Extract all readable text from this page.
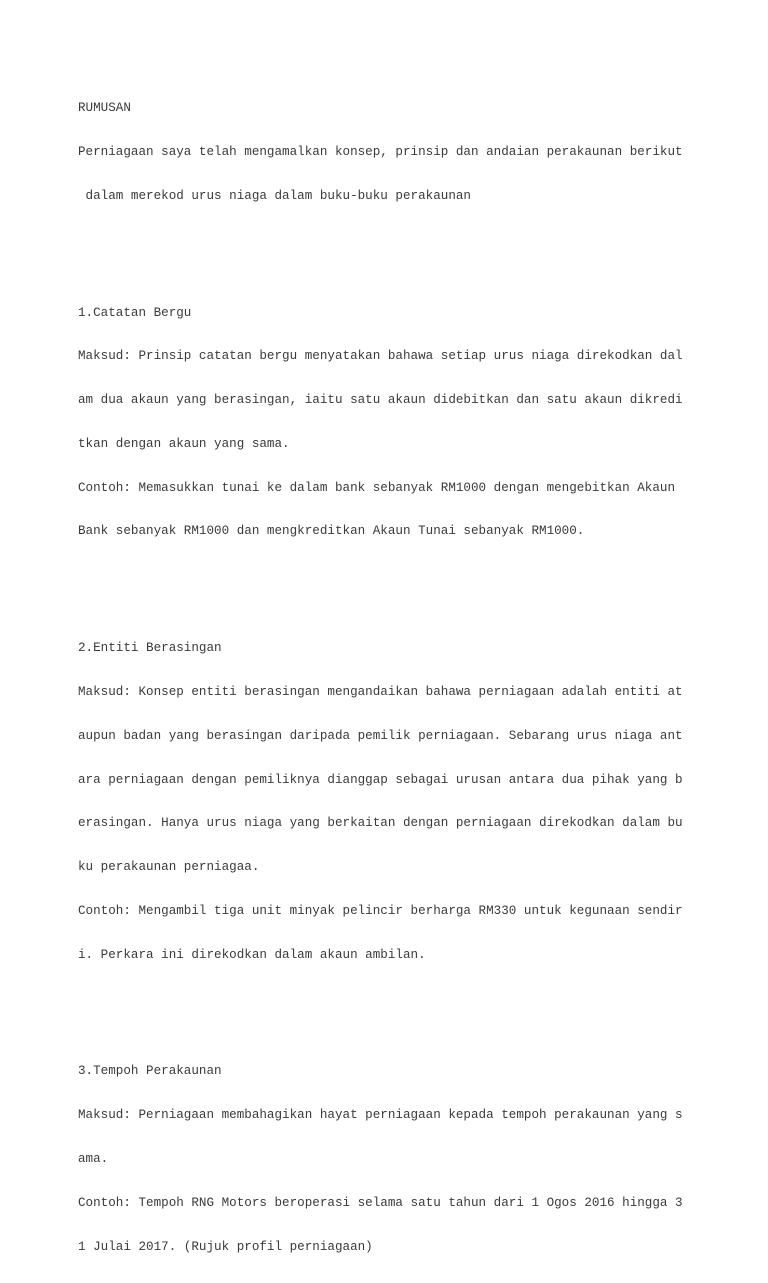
RUMUSAN

Perniagaan saya telah mengamalkan konsep, prinsip dan andaian perakaunan berikut

dalam merekod urus niaga dalam buku-buku perakaunan

1.Catatan Bergu

Maksud: Prinsip catatan bergu menyatakan bahawa setiap urus niaga direkodkan dal

am dua akaun yang berasingan, iaitu satu akaun didebitkan dan satu akaun dikredi

tkan dengan akaun yang sama.

Contoh: Memasukkan tunai ke dalam bank sebanyak RM1000 dengan mengebitkan Akaun

Bank sebanyak RM1000 dan mengkreditkan Akaun Tunai sebanyak RM1000.

2.Entiti Berasingan

Maksud: Konsep entiti berasingan mengandaikan bahawa perniagaan adalah entiti at

aupun badan yang berasingan daripada pemilik perniagaan. Sebarang urus niaga ant

ara perniagaan dengan pemiliknya dianggap sebagai urusan antara dua pihak yang b

erasingan. Hanya urus niaga yang berkaitan dengan perniagaan direkodkan dalam bu

ku perakaunan perniagaa.

Contoh: Mengambil tiga unit minyak pelincir berharga RM330 untuk kegunaan sendir

i. Perkara ini direkodkan dalam akaun ambilan.

3.Tempoh Perakaunan

Maksud: Perniagaan membahagikan hayat perniagaan kepada tempoh perakaunan yang s

ama.

Contoh: Tempoh RNG Motors beroperasi selama satu tahun dari 1 Ogos 2016 hingga 3

1 Julai 2017. (Rujuk profil perniagaan)
